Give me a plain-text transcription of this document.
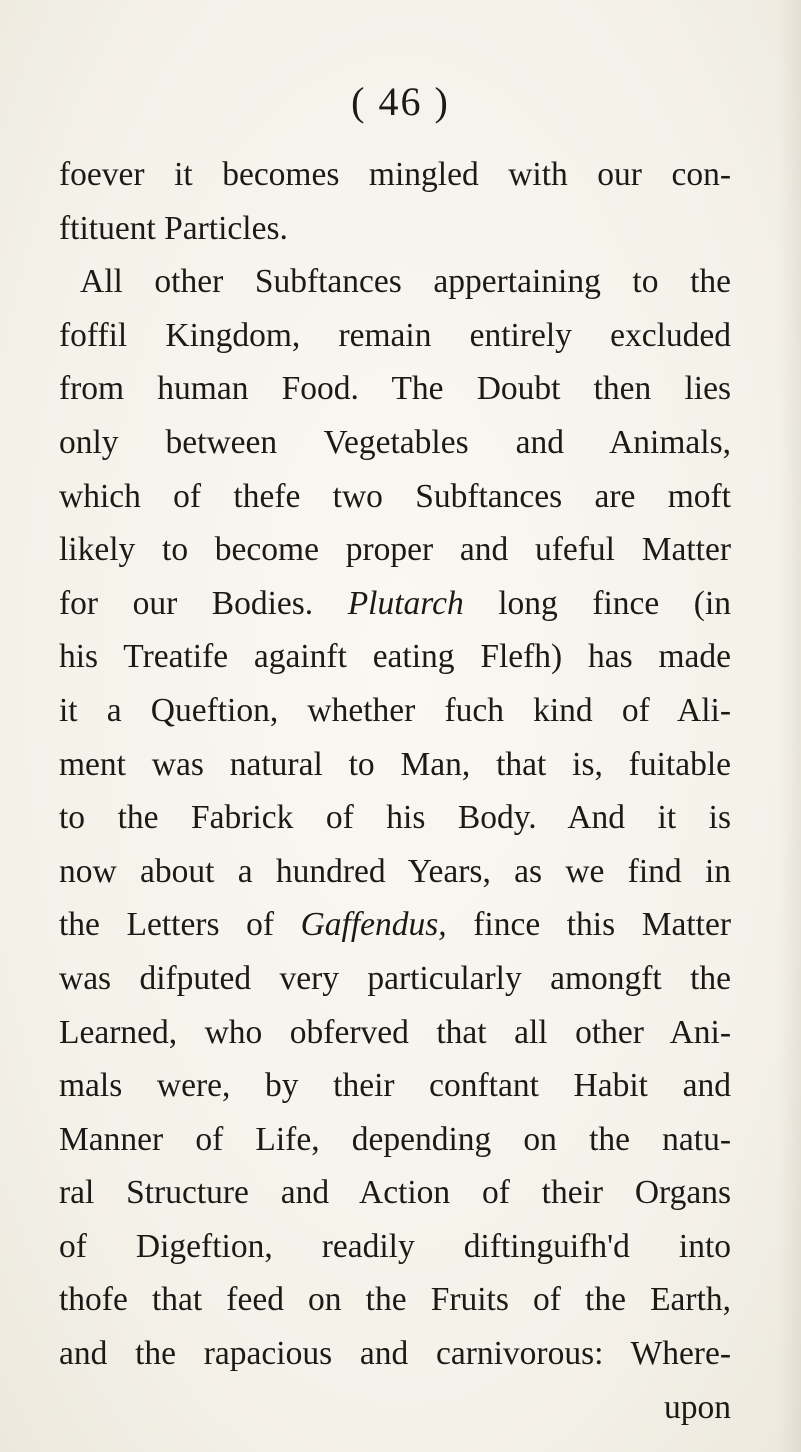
( 46 )
foever it becomes mingled with our con-
ftituent Particles.
All other Subftances appertaining to the
foffil Kingdom, remain entirely excluded
from human Food. The Doubt then lies
only between Vegetables and Animals,
which of thefe two Subftances are moft
likely to become proper and ufeful Matter
for our Bodies. Plutarch long fince (in
his Treatife againft eating Flefh) has made
it a Queftion, whether fuch kind of Ali-
ment was natural to Man, that is, fuitable
to the Fabrick of his Body. And it is
now about a hundred Years, as we find in
the Letters of Gaffendus, fince this Matter
was difputed very particularly amongft the
Learned, who obferved that all other Ani-
mals were, by their conftant Habit and
Manner of Life, depending on the natu-
ral Structure and Action of their Organs
of Digeftion, readily diftinguifh'd into
thofe that feed on the Fruits of the Earth,
and the rapacious and carnivorous: Where-
upon
